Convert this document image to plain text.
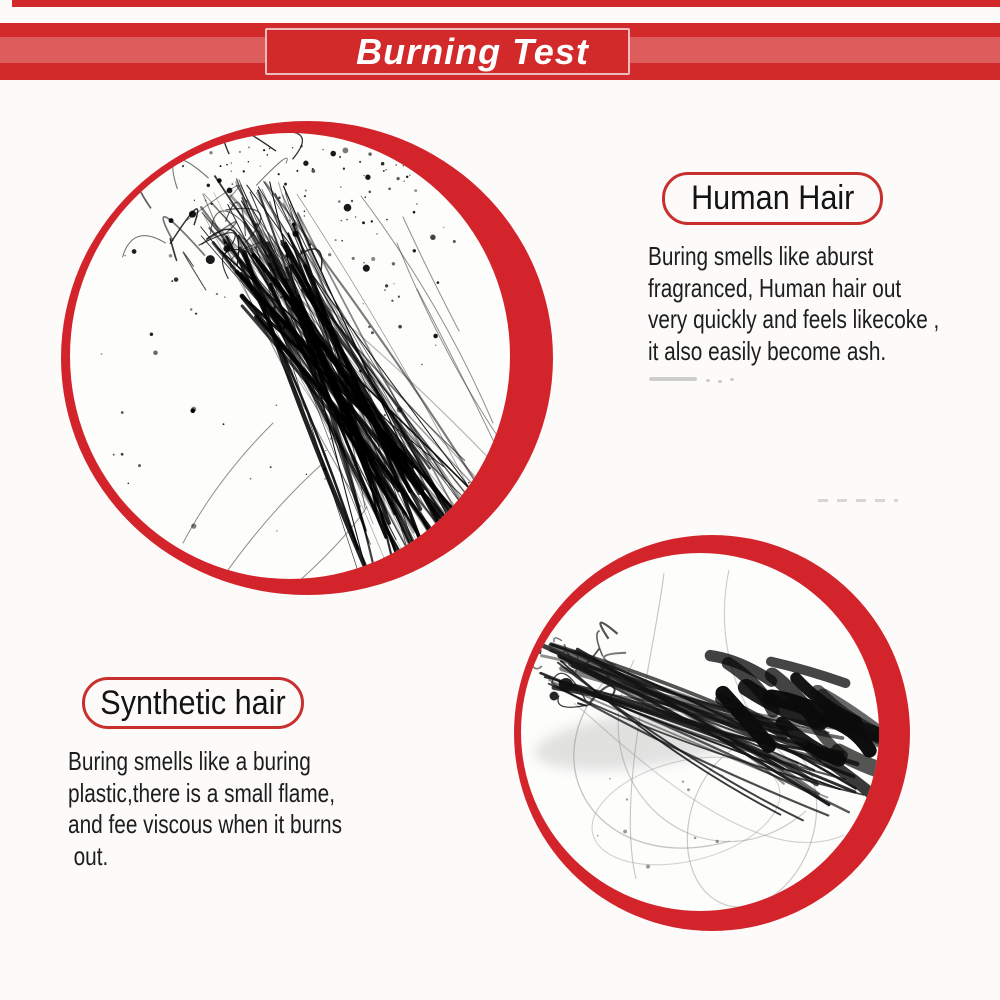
Burning Test
Human Hair
Buring smells like aburst
fragranced, Human hair out
very quickly and feels likecoke ,
it also easily become ash.
Synthetic hair
Buring smells like a buring
plastic,there is a small flame,
and fee viscous when it burns
out.
